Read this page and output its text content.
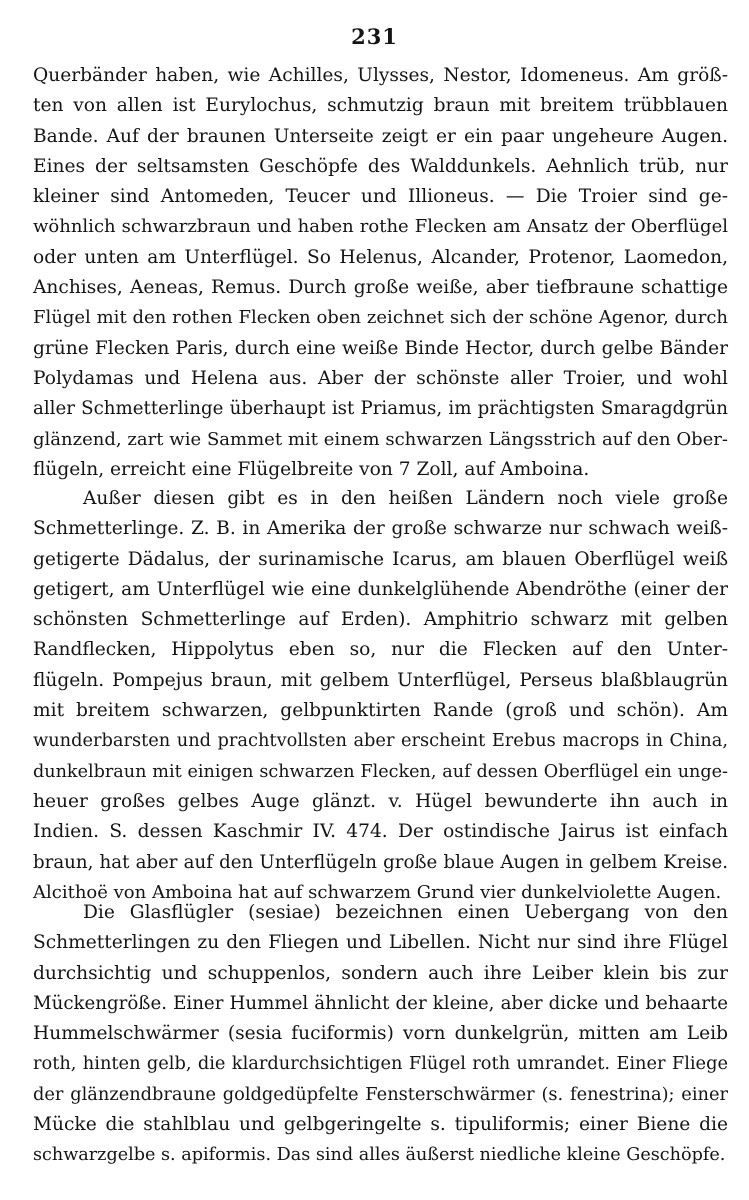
231
Querbänder haben, wie Achilles, Ulysses, Nestor, Idomeneus. Am größ-
ten von allen ist Eurylochus, schmutzig braun mit breitem trübblauen
Bande. Auf der braunen Unterseite zeigt er ein paar ungeheure Augen.
Eines der seltsamsten Geschöpfe des Walddunkels. Aehnlich trüb, nur
kleiner sind Antomeden, Teucer und Illioneus. — Die Troier sind ge-
wöhnlich schwarzbraun und haben rothe Flecken am Ansatz der Oberflügel
oder unten am Unterflügel. So Helenus, Alcander, Protenor, Laomedon,
Anchises, Aeneas, Remus. Durch große weiße, aber tiefbraune schattige
Flügel mit den rothen Flecken oben zeichnet sich der schöne Agenor, durch
grüne Flecken Paris, durch eine weiße Binde Hector, durch gelbe Bänder
Polydamas und Helena aus. Aber der schönste aller Troier, und wohl
aller Schmetterlinge überhaupt ist Priamus, im prächtigsten Smaragdgrün
glänzend, zart wie Sammet mit einem schwarzen Längsstrich auf den Ober-
flügeln, erreicht eine Flügelbreite von 7 Zoll, auf Amboina.
Außer diesen gibt es in den heißen Ländern noch viele große
Schmetterlinge. Z. B. in Amerika der große schwarze nur schwach weiß-
getigerte Dädalus, der surinamische Icarus, am blauen Oberflügel weiß
getigert, am Unterflügel wie eine dunkelglühende Abendröthe (einer der
schönsten Schmetterlinge auf Erden). Amphitrio schwarz mit gelben
Randflecken, Hippolytus eben so, nur die Flecken auf den Unter-
flügeln. Pompejus braun, mit gelbem Unterflügel, Perseus blaßblaugrün
mit breitem schwarzen, gelbpunktirten Rande (groß und schön). Am
wunderbarsten und prachtvollsten aber erscheint Erebus macrops in China,
dunkelbraun mit einigen schwarzen Flecken, auf dessen Oberflügel ein unge-
heuer großes gelbes Auge glänzt. v. Hügel bewunderte ihn auch in
Indien. S. dessen Kaschmir IV. 474. Der ostindische Jairus ist einfach
braun, hat aber auf den Unterflügeln große blaue Augen in gelbem Kreise.
Alcithoë von Amboina hat auf schwarzem Grund vier dunkelviolette Augen.
Die Glasflügler (sesiae) bezeichnen einen Uebergang von den
Schmetterlingen zu den Fliegen und Libellen. Nicht nur sind ihre Flügel
durchsichtig und schuppenlos, sondern auch ihre Leiber klein bis zur
Mückengröße. Einer Hummel ähnlicht der kleine, aber dicke und behaarte
Hummelschwärmer (sesia fuciformis) vorn dunkelgrün, mitten am Leib
roth, hinten gelb, die klardurchsichtigen Flügel roth umrandet. Einer Fliege
der glänzendbraune goldgedüpfelte Fensterschwärmer (s. fenestrina); einer
Mücke die stahlblau und gelbgeringelte s. tipuliformis; einer Biene die
schwarzgelbe s. apiformis. Das sind alles äußerst niedliche kleine Geschöpfe.
